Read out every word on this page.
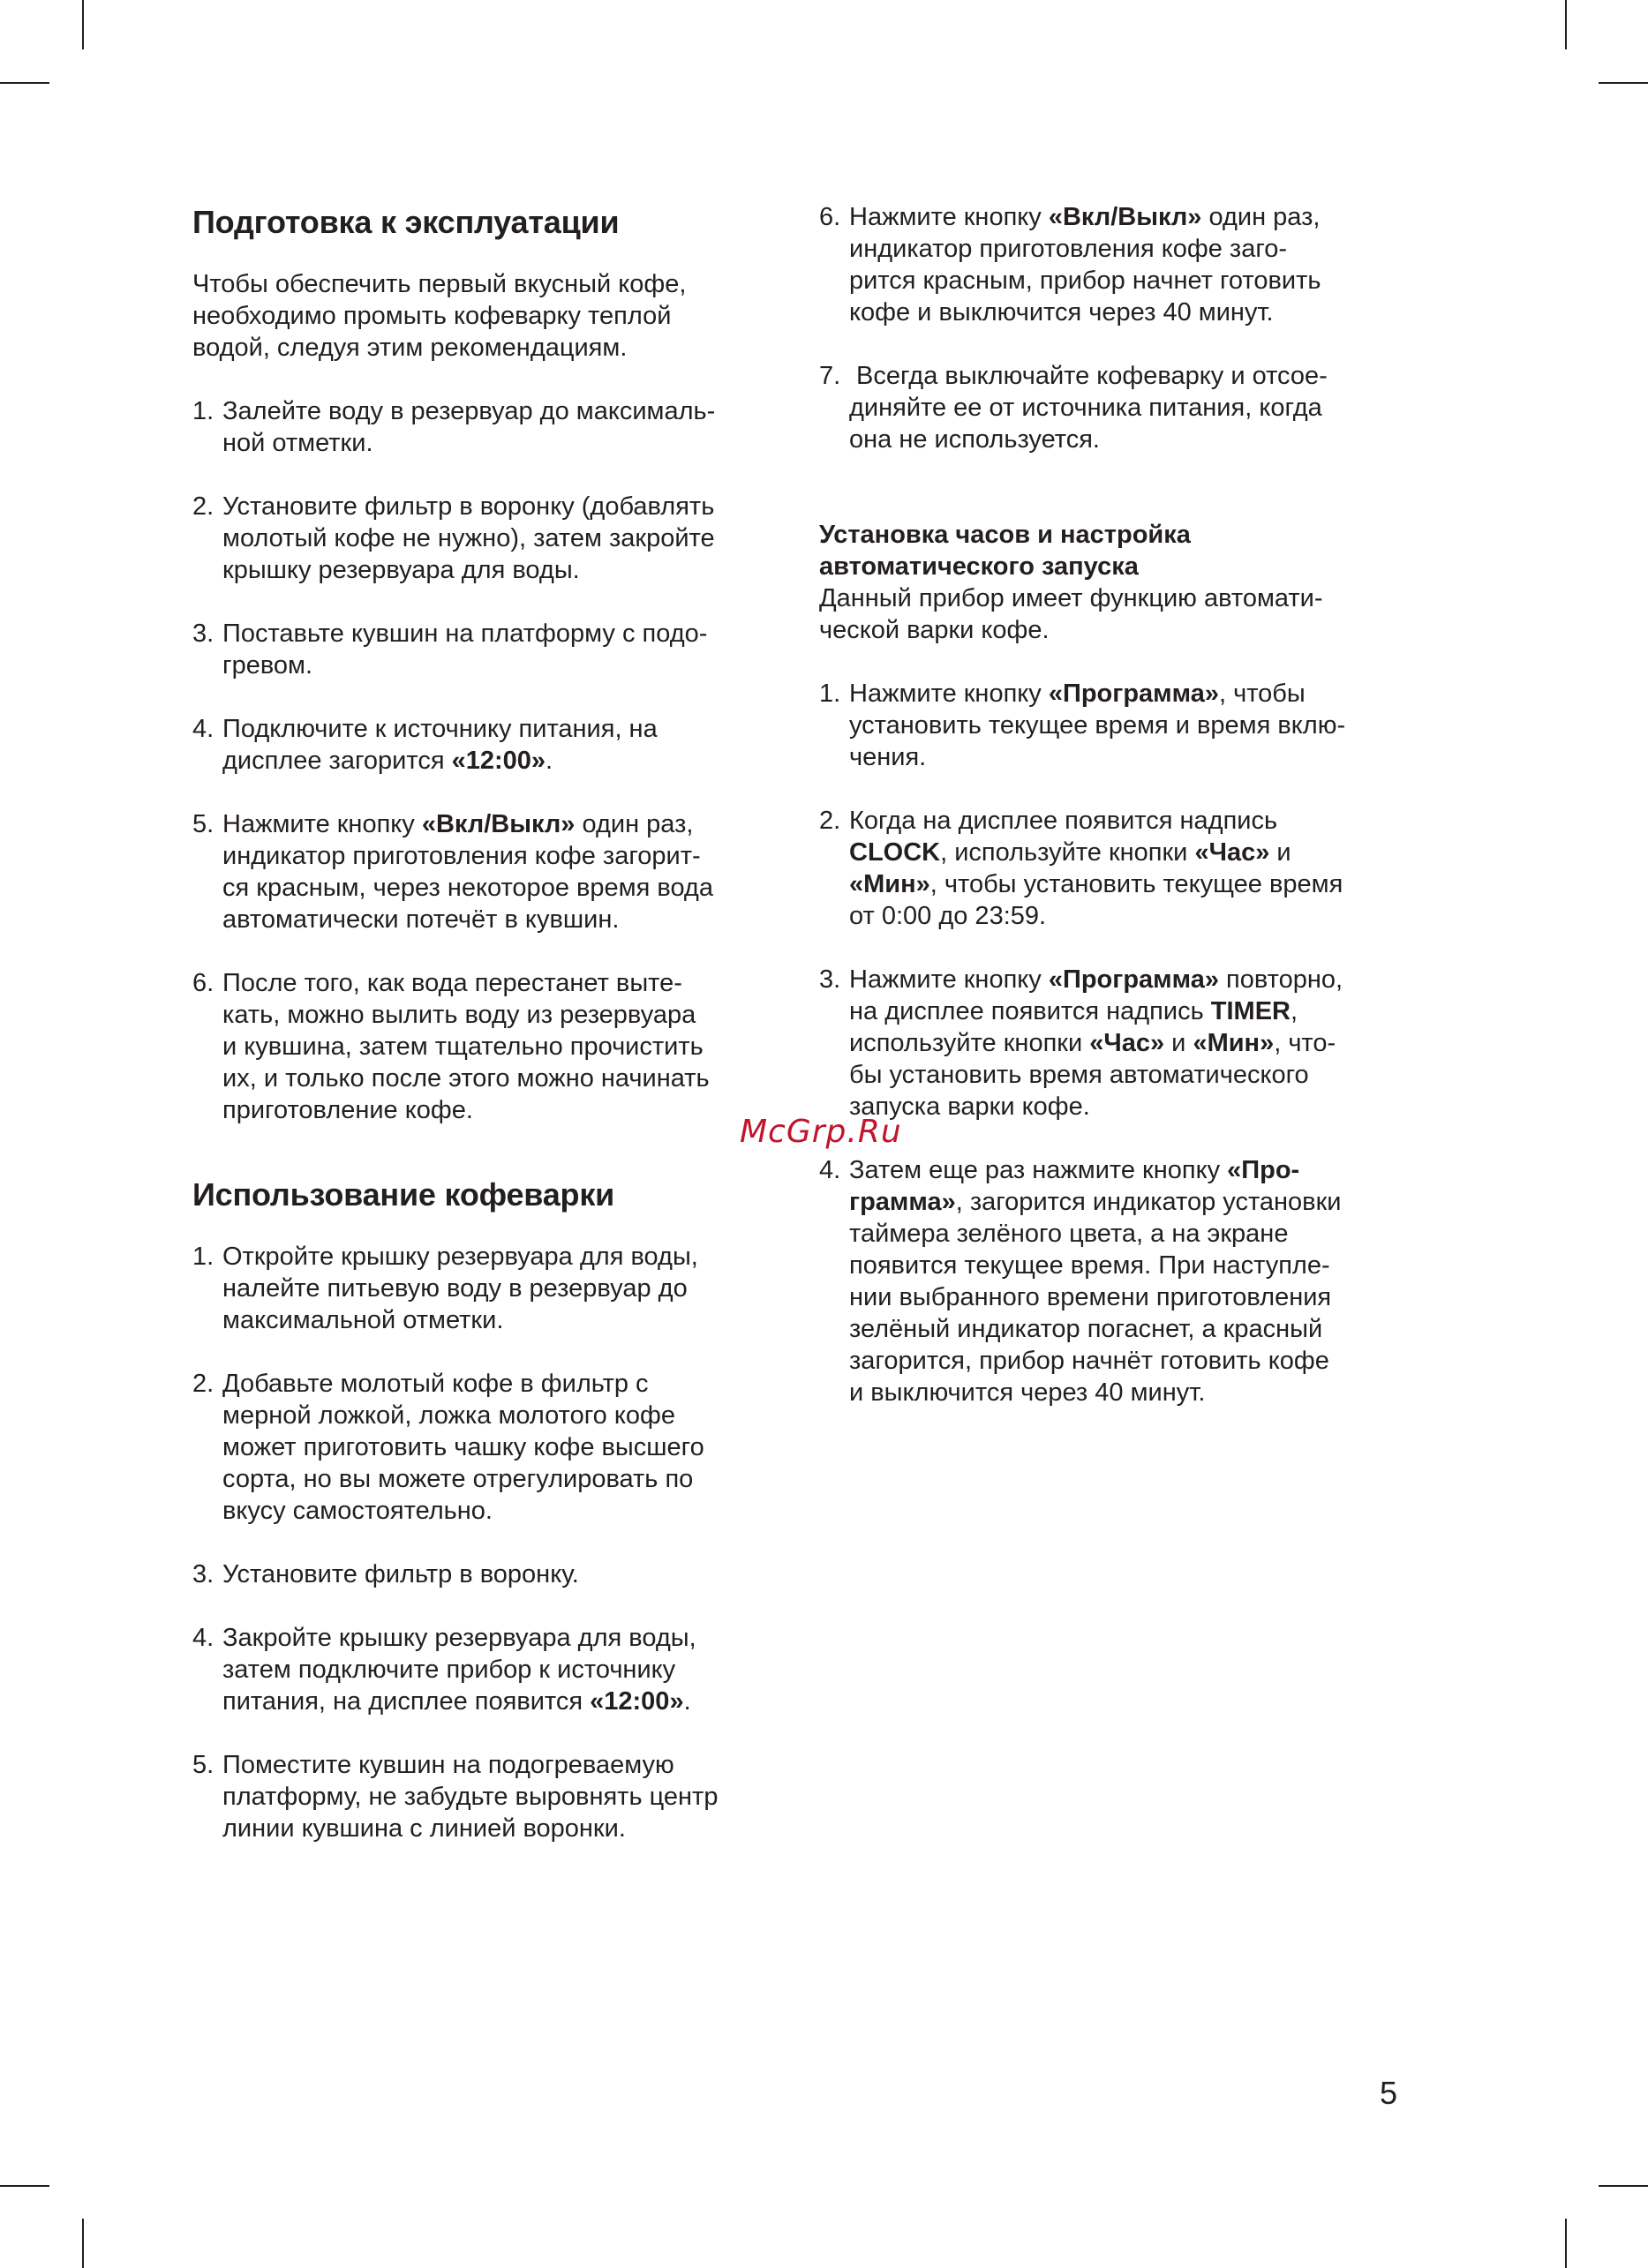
Подготовка к эксплуатации

Чтобы обеспечить первый вкусный кофе,
необходимо промыть кофеварку теплой
водой, следуя этим рекомендациям.

1. Залейте воду в резервуар до максималь-
ной отметки.
2. Установите фильтр в воронку (добавлять
молотый кофе не нужно), затем закройте
крышку резервуара для воды.
3. Поставьте кувшин на платформу с подо-
гревом.
4. Подключите к источнику питания, на
дисплее загорится «12:00».
5. Нажмите кнопку «Вкл/Выкл» один раз,
индикатор приготовления кофе загорит-
ся красным, через некоторое время вода
автоматически потечёт в кувшин.
6. После того, как вода перестанет выте-
кать, можно вылить воду из резервуара
и кувшина, затем тщательно прочистить
их, и только после этого можно начинать
приготовление кофе.
Использование кофеварки
1. Откройте крышку резервуара для воды,
налейте питьевую воду в резервуар до
максимальной отметки.
2. Добавьте молотый кофе в фильтр с
мерной ложкой, ложка молотого кофе
может приготовить чашку кофе высшего
сорта, но вы можете отрегулировать по
вкусу самостоятельно.
3. Установите фильтр в воронку.
4. Закройте крышку резервуара для воды,
затем подключите прибор к источнику
питания, на дисплее появится «12:00».
5. Поместите кувшин на подогреваемую
платформу, не забудьте выровнять центр
линии кувшина с линией воронки.
6. Нажмите кнопку «Вкл/Выкл» один раз,
индикатор приготовления кофе заго-
рится красным, прибор начнет готовить
кофе и выключится через 40 минут.
7. Всегда выключайте кофеварку и отсое-
диняйте ее от источника питания, когда
она не используется.
Установка часов и настройка
автоматического запуска

Данный прибор имеет функцию автомати-
ческой варки кофе.

1. Нажмите кнопку «Программа», чтобы
установить текущее время и время вклю-
чения.
2. Когда на дисплее появится надпись
CLOCK, используйте кнопки «Час» и
«Мин», чтобы установить текущее время
от 0:00 до 23:59.
3. Нажмите кнопку «Программа» повторно,
на дисплее появится надпись TIMER,
используйте кнопки «Час» и «Мин», что-
бы установить время автоматического
запуска варки кофе.
4. Затем еще раз нажмите кнопку «Про-
грамма», загорится индикатор установки
таймера зелёного цвета, а на экране
появится текущее время. При наступле-
нии выбранного времени приготовления
зелёный индикатор погаснет, а красный
загорится, прибор начнёт готовить кофе
и выключится через 40 минут.
McGrp.Ru
5
